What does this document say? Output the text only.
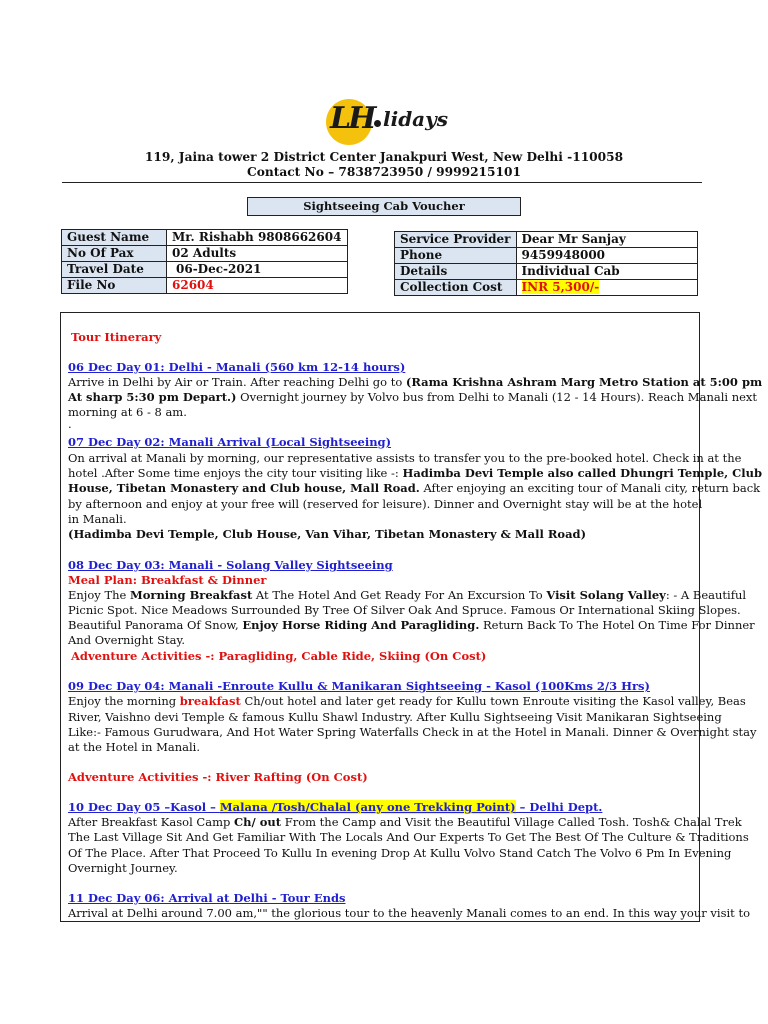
LH lidays
119, Jaina tower 2 District Center Janakpuri West, New Delhi -110058
Contact No – 7838723950 / 9999215101
Sightseeing Cab Voucher
Guest Name	Mr. Rishabh 9808662604
No Of Pax	02 Adults
Travel Date	06-Dec-2021
File No	62604
Service Provider	Dear Mr Sanjay
Phone	9459948000
Details	Individual Cab
Collection Cost	INR 5,300/-
Tour Itinerary
06 Dec Day 01: Delhi - Manali (560 km 12-14 hours)
Arrive in Delhi by Air or Train. After reaching Delhi go to (Rama Krishna Ashram Marg Metro Station at 5:00 pm
At sharp 5:30 pm Depart.) Overnight journey by Volvo bus from Delhi to Manali (12 - 14 Hours). Reach Manali next
morning at 6 - 8 am.
.
07 Dec Day 02: Manali Arrival (Local Sightseeing)
On arrival at Manali by morning, our representative assists to transfer you to the pre-booked hotel. Check in at the
hotel .After Some time enjoys the city tour visiting like -: Hadimba Devi Temple also called Dhungri Temple, Club
House, Tibetan Monastery and Club house, Mall Road. After enjoying an exciting tour of Manali city, return back
by afternoon and enjoy at your free will (reserved for leisure). Dinner and Overnight stay will be at the hotel
in Manali.
(Hadimba Devi Temple, Club House, Van Vihar, Tibetan Monastery & Mall Road)
08 Dec Day 03: Manali - Solang Valley Sightseeing
Meal Plan: Breakfast & Dinner
Enjoy The Morning Breakfast At The Hotel And Get Ready For An Excursion To Visit Solang Valley: - A Beautiful
Picnic Spot. Nice Meadows Surrounded By Tree Of Silver Oak And Spruce. Famous Or International Skiing Slopes.
Beautiful Panorama Of Snow, Enjoy Horse Riding And Paragliding. Return Back To The Hotel On Time For Dinner
And Overnight Stay.
Adventure Activities -: Paragliding, Cable Ride, Skiing (On Cost)
09 Dec Day 04: Manali -Enroute Kullu & Manikaran Sightseeing - Kasol (100Kms 2/3 Hrs)
Enjoy the morning breakfast Ch/out hotel and later get ready for Kullu town Enroute visiting the Kasol valley, Beas
River, Vaishno devi Temple & famous Kullu Shawl Industry. After Kullu Sightseeing Visit Manikaran Sightseeing
Like:- Famous Gurudwara, And Hot Water Spring Waterfalls Check in at the Hotel in Manali. Dinner & Overnight stay
at the Hotel in Manali.
Adventure Activities -: River Rafting (On Cost)
10 Dec Day 05 –Kasol – Malana /Tosh/Chalal (any one Trekking Point) – Delhi Dept.
After Breakfast Kasol Camp Ch/ out From the Camp and Visit the Beautiful Village Called Tosh. Tosh& Chalal Trek
The Last Village Sit And Get Familiar With The Locals And Our Experts To Get The Best Of The Culture & Traditions
Of The Place. After That Proceed To Kullu In evening Drop At Kullu Volvo Stand Catch The Volvo 6 Pm In Evening
Overnight Journey.
11 Dec Day 06: Arrival at Delhi - Tour Ends
Arrival at Delhi around 7.00 am,"" the glorious tour to the heavenly Manali comes to an end. In this way your visit to
